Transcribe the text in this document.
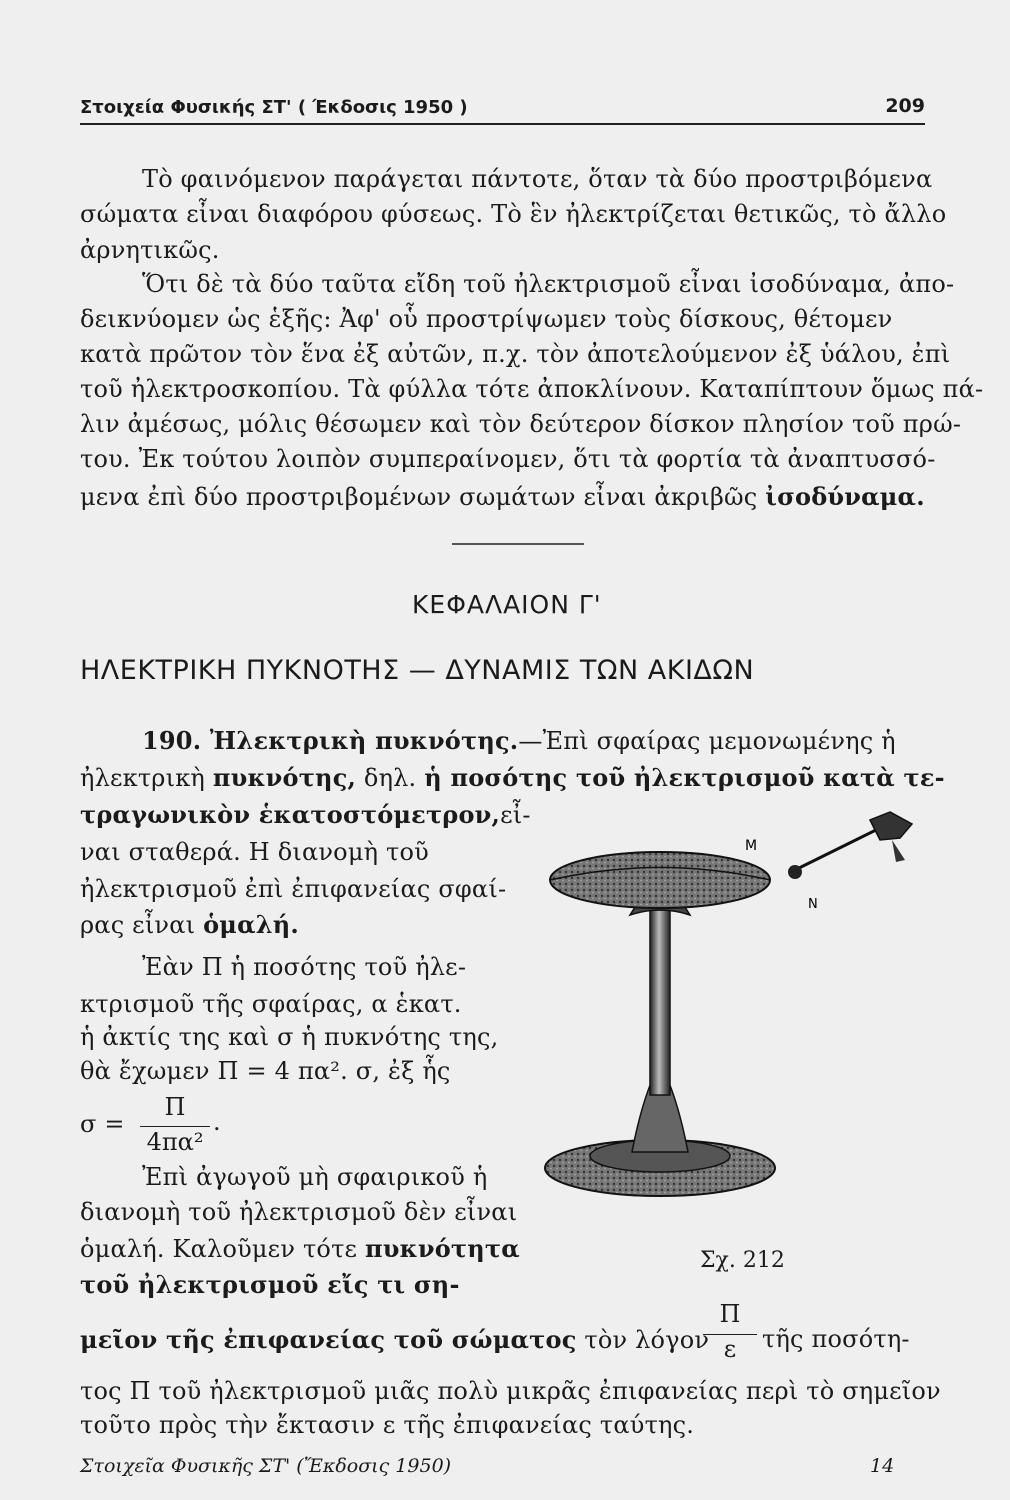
Στοιχεία Φυσικής ΣΤ' ( Έκδοσις 1950 )	209
Τὸ φαινόμενον παράγεται πάντοτε, ὅταν τὰ δύο προστριβόμενα
σώματα εἶναι διαφόρου φύσεως. Τὸ ἓν ἠλεκτρίζεται θετικῶς, τὸ ἄλλο
ἀρνητικῶς.
Ὅτι δὲ τὰ δύο ταῦτα εἴδη τοῦ ἠλεκτρισμοῦ εἶναι ἰσοδύναμα, ἀπο-
δεικνύομεν ὡς ἑξῆς: Ἀφ' οὗ προστρίψωμεν τοὺς δίσκους, θέτομεν
κατὰ πρῶτον τὸν ἕνα ἐξ αὐτῶν, π.χ. τὸν ἀποτελούμενον ἐξ ὑάλου, ἐπὶ
τοῦ ἠλεκτροσκοπίου. Τὰ φύλλα τότε ἀποκλίνουν. Καταπίπτουν ὅμως πά-
λιν ἀμέσως, μόλις θέσωμεν καὶ τὸν δεύτερον δίσκον πλησίον τοῦ πρώ-
του. Ἐκ τούτου λοιπὸν συμπεραίνομεν, ὅτι τὰ φορτία τὰ ἀναπτυσσό-
μενα ἐπὶ δύο προστριβομένων σωμάτων εἶναι ἀκριβῶς ἰσοδύναμα.
ΚΕΦΑΛΑΙΟΝ Γ'
ΗΛΕΚΤΡΙΚΗ ΠΥΚΝΟΤΗΣ — ΔΥΝΑΜΙΣ ΤΩΝ ΑΚΙΔΩΝ
190. Ἠλεκτρικὴ πυκνότης.—Ἐπὶ σφαίρας μεμονωμένης ἡ
ἠλεκτρικὴ πυκνότης, δηλ. ἡ ποσότης τοῦ ἠλεκτρισμοῦ κατὰ τε-
τραγωνικὸν ἑκατοστόμετρον,εἶ-
ναι σταθερά. Η διανομὴ τοῦ
ἠλεκτρισμοῦ ἐπὶ ἐπιφανείας σφαί-
ρας εἶναι ὁμαλή.
Ἐὰν Π ἡ ποσότης τοῦ ἠλε-
κτρισμοῦ τῆς σφαίρας, α ἑκατ.
ἡ ἀκτίς της καὶ σ ἡ πυκνότης της,
θὰ ἔχωμεν Π = 4 πα². σ, ἐξ ἧς
σ =
Π
4πα²
.
Ἐπὶ ἀγωγοῦ μὴ σφαιρικοῦ ἡ
διανομὴ τοῦ ἠλεκτρισμοῦ δὲν εἶναι
ὁμαλή. Καλοῦμεν τότε πυκνότητα
τοῦ ἠλεκτρισμοῦ εἴς τι ση-
μεῖον τῆς ἐπιφανείας τοῦ σώματος τὸν λόγον
Π
ε	τῆς ποσότη-
τος Π τοῦ ἠλεκτρισμοῦ μιᾶς πολὺ μικρᾶς ἐπιφανείας περὶ τὸ σημεῖον
τοῦτο πρὸς τὴν ἔκτασιν ε τῆς ἐπιφανείας ταύτης.
M
N
Σχ. 212
Στοιχεῖα Φυσικῆς ΣΤ' (Ἔκδοσις 1950)	14
